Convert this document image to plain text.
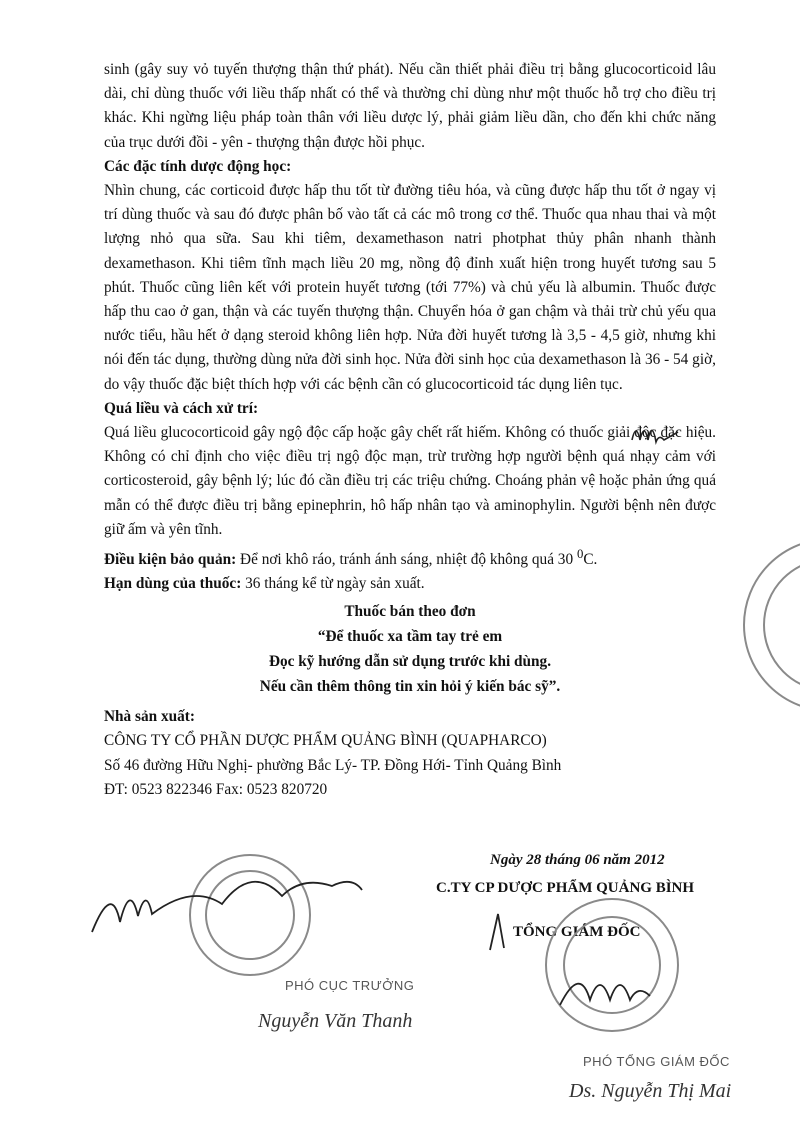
sinh (gây suy vỏ tuyến thượng thận thứ phát). Nếu cần thiết phải điều trị bằng glucocorticoid lâu dài, chỉ dùng thuốc với liều thấp nhất có thể và thường chỉ dùng như một thuốc hỗ trợ cho điều trị khác. Khi ngừng liệu pháp toàn thân với liều dược lý, phải giảm liều dần, cho đến khi chức năng của trục dưới đồi - yên - thượng thận được hồi phục.

Các đặc tính dược động học:

Nhìn chung, các corticoid được hấp thu tốt từ đường tiêu hóa, và cũng được hấp thu tốt ở ngay vị trí dùng thuốc và sau đó được phân bố vào tất cả các mô trong cơ thể. Thuốc qua nhau thai và một lượng nhỏ qua sữa. Sau khi tiêm, dexamethason natri photphat thủy phân nhanh thành dexamethason. Khi tiêm tĩnh mạch liều 20 mg, nồng độ đỉnh xuất hiện trong huyết tương sau 5 phút. Thuốc cũng liên kết với protein huyết tương (tới 77%) và chủ yếu là albumin. Thuốc được hấp thu cao ở gan, thận và các tuyến thượng thận. Chuyển hóa ở gan chậm và thải trừ chủ yếu qua nước tiểu, hầu hết ở dạng steroid không liên hợp. Nửa đời huyết tương là 3,5 - 4,5 giờ, nhưng khi nói đến tác dụng, thường dùng nửa đời sinh học. Nửa đời sinh học của dexamethason là 36 - 54 giờ, do vậy thuốc đặc biệt thích hợp với các bệnh cần có glucocorticoid tác dụng liên tục.

Quá liều và cách xử trí:

Quá liều glucocorticoid gây ngộ độc cấp hoặc gây chết rất hiếm. Không có thuốc giải độc đặc hiệu. Không có chỉ định cho việc điều trị ngộ độc mạn, trừ trường hợp người bệnh quá nhạy cảm với corticosteroid, gây bệnh lý; lúc đó cần điều trị các triệu chứng. Choáng phản vệ hoặc phản ứng quá mẫn có thể được điều trị bằng epinephrin, hô hấp nhân tạo và aminophylin. Người bệnh nên được giữ ấm và yên tĩnh.

Điều kiện bảo quản: Để nơi khô ráo, tránh ánh sáng, nhiệt độ không quá 30 $^0$C.

Hạn dùng của thuốc: 36 tháng kể từ ngày sản xuất.

Thuốc bán theo đơn
“Để thuốc xa tầm tay trẻ em
Đọc kỹ hướng dẫn sử dụng trước khi dùng.
Nếu cần thêm thông tin xin hỏi ý kiến bác sỹ”.
Nhà sản xuất:
CÔNG TY CỔ PHẦN DƯỢC PHẨM QUẢNG BÌNH (QUAPHARCO)
Số 46 đường Hữu Nghị- phường Bắc Lý- TP. Đồng Hới- Tỉnh Quảng Bình
ĐT: 0523 822346 Fax: 0523 820720
Ngày 28 tháng 06 năm 2012
C.TY CP DƯỢC PHẨM QUẢNG BÌNH
TỔNG GIÁM ĐỐC
PHÓ CỤC TRƯỞNG
Nguyễn Văn Thanh
PHÓ TỔNG GIÁM ĐỐC
Ds. Nguyễn Thị Mai
